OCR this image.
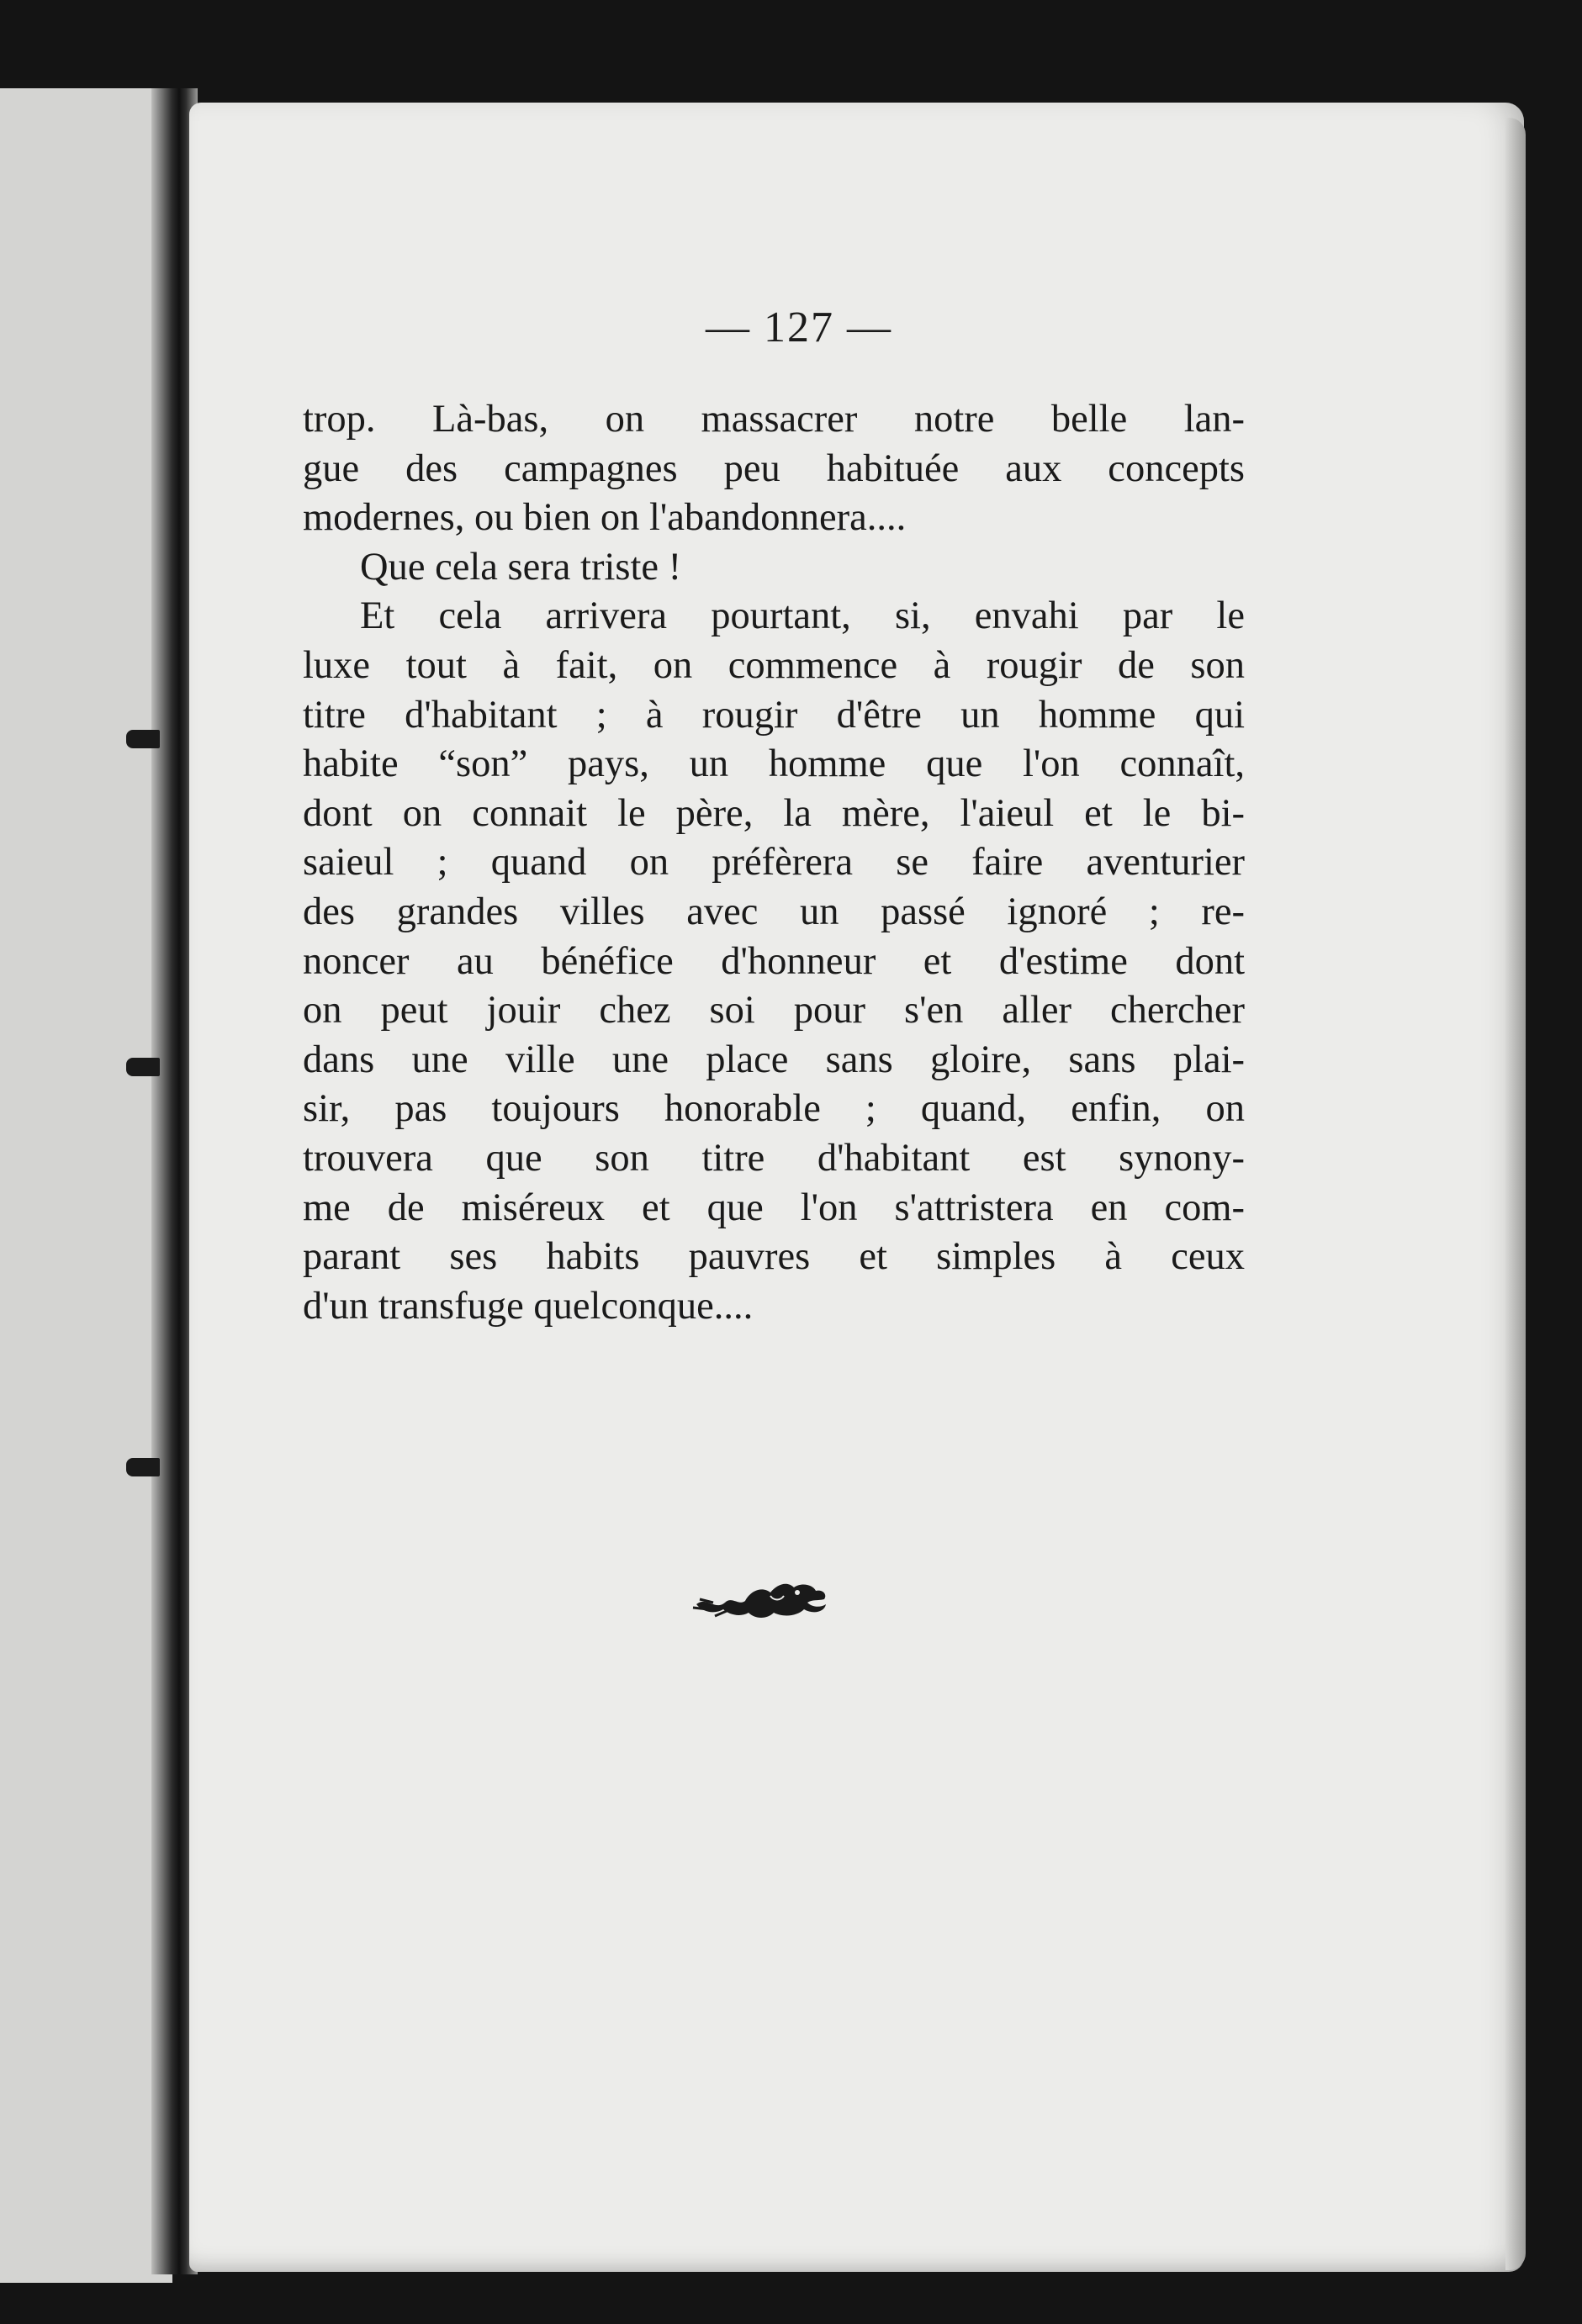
— 127 —
trop. Là-bas, on massacrer notre belle lan-
gue des campagnes peu habituée aux concepts
modernes, ou bien on l'abandonnera....
Que cela sera triste !
Et cela arrivera pourtant, si, envahi par le
luxe tout à fait, on commence à rougir de son
titre d'habitant ; à rougir d'être un homme qui
habite “son” pays, un homme que l'on connaît,
dont on connait le père, la mère, l'aieul et le bi-
saieul ; quand on préfèrera se faire aventurier
des grandes villes avec un passé ignoré ; re-
noncer au bénéfice d'honneur et d'estime dont
on peut jouir chez soi pour s'en aller chercher
dans une ville une place sans gloire, sans plai-
sir, pas toujours honorable ; quand, enfin, on
trouvera que son titre d'habitant est synony-
me de miséreux et que l'on s'attristera en com-
parant ses habits pauvres et simples à ceux
d'un transfuge quelconque....
